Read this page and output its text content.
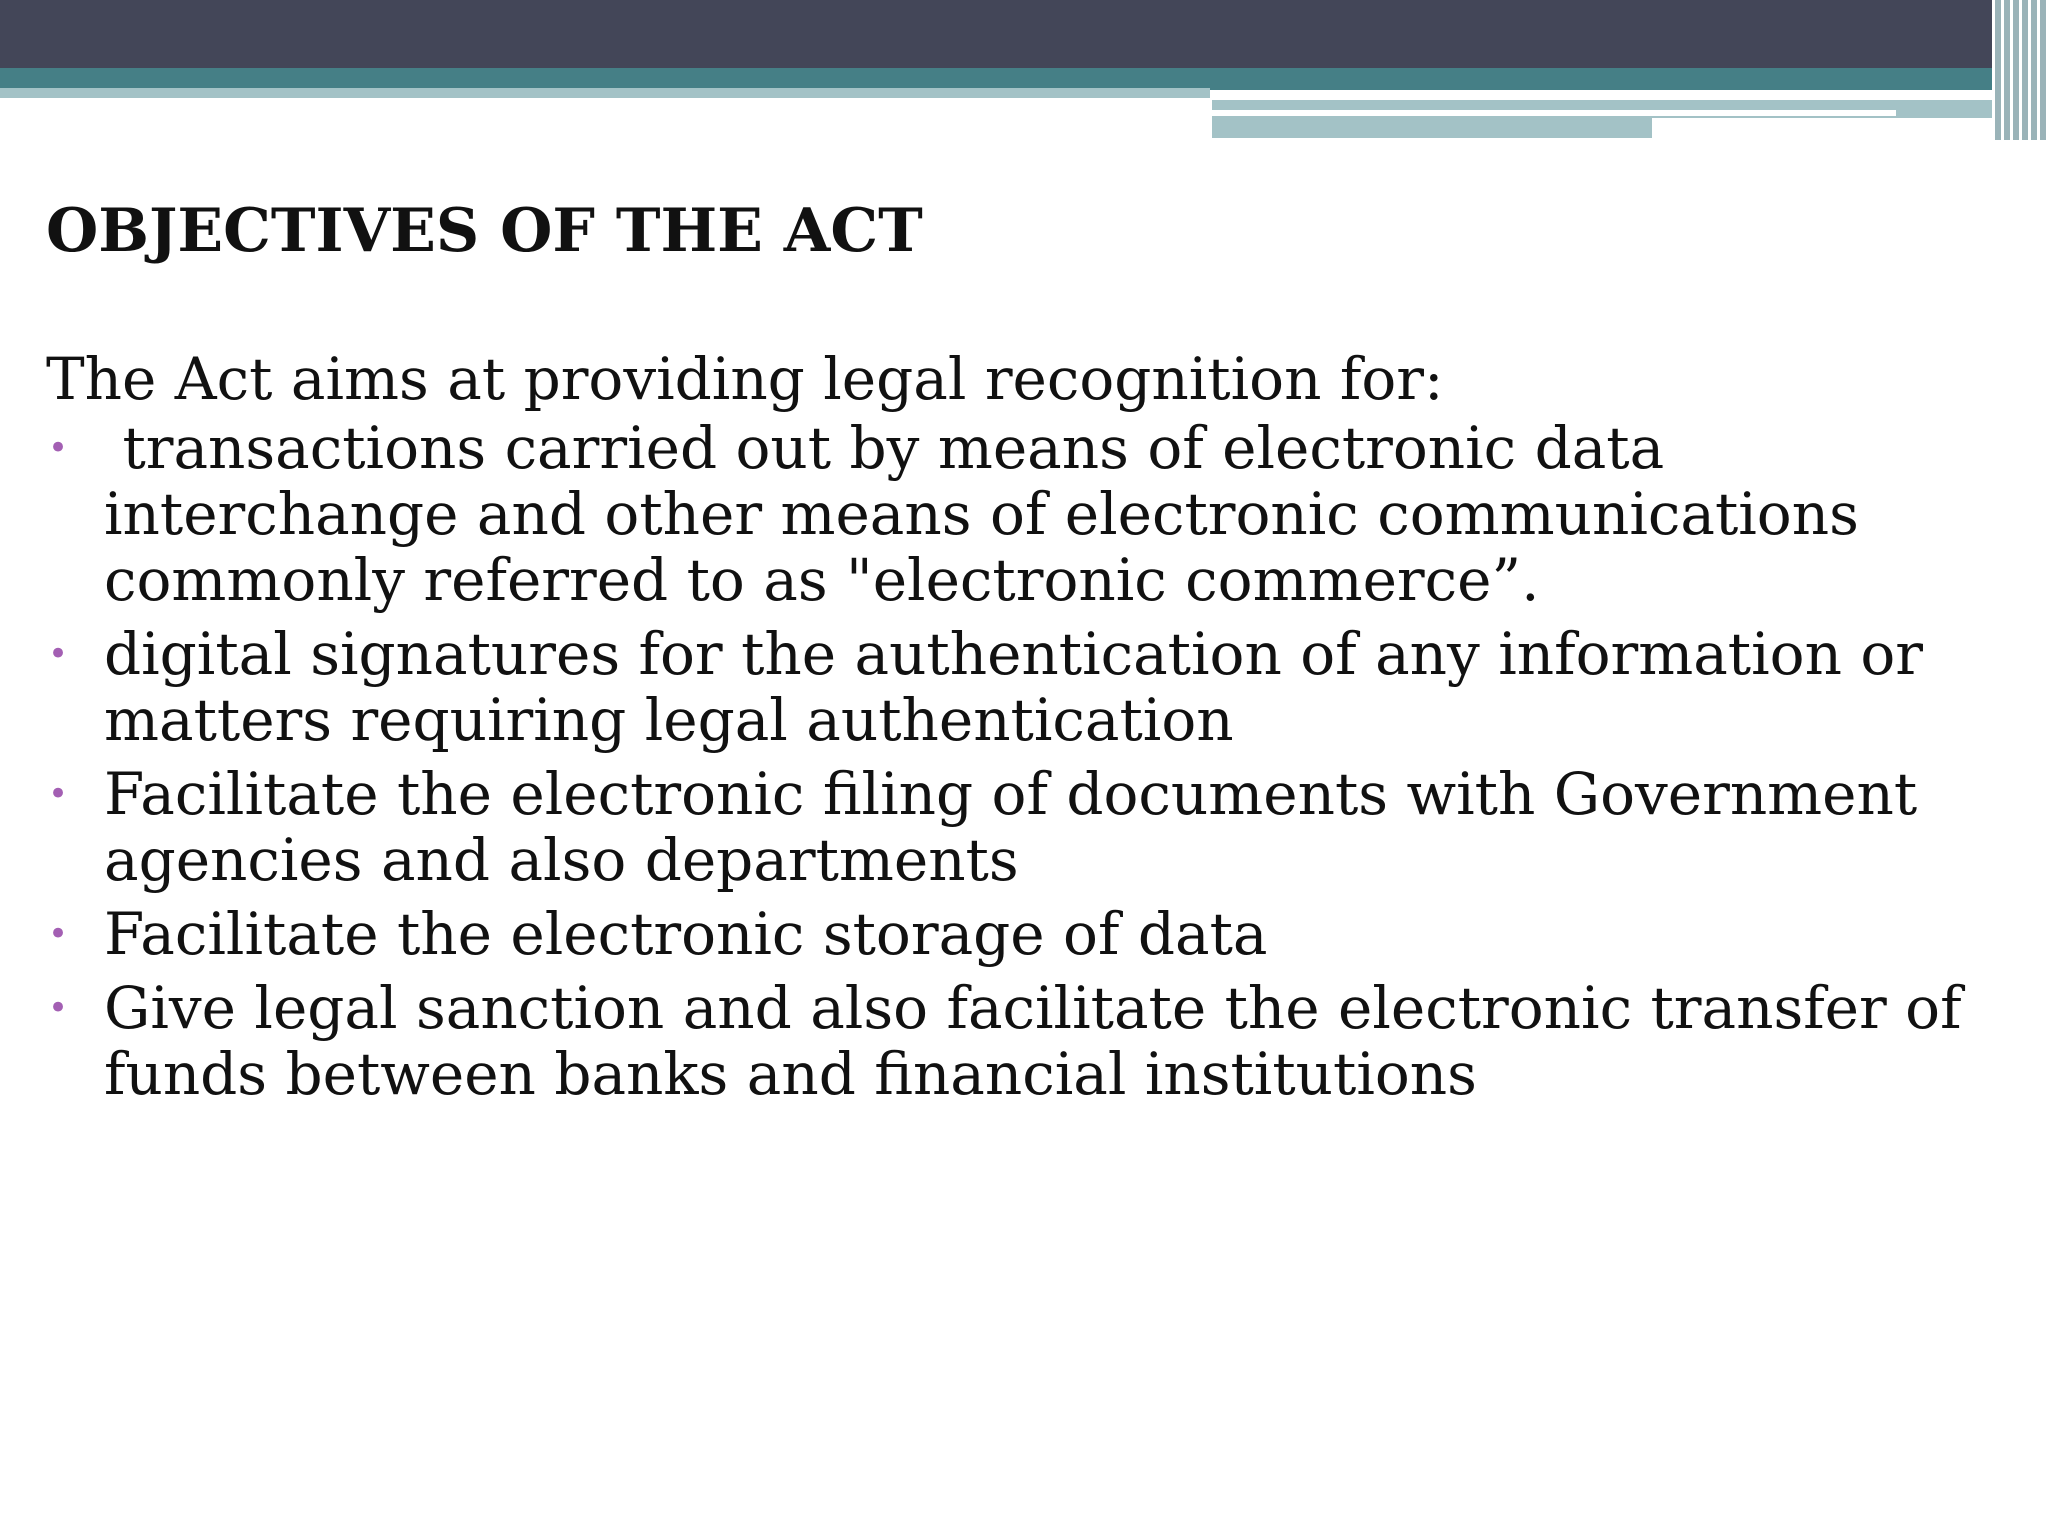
OBJECTIVES OF THE ACT

The Act aims at providing legal recognition for:

• transactions carried out by means of electronic data interchange and other means of electronic communications commonly referred to as "electronic commerce”.
• digital signatures for the authentication of any information or matters requiring legal authentication
• Facilitate the electronic filing of documents with Government agencies and also departments
• Facilitate the electronic storage of data
• Give legal sanction and also facilitate the electronic transfer of funds between banks and financial institutions
